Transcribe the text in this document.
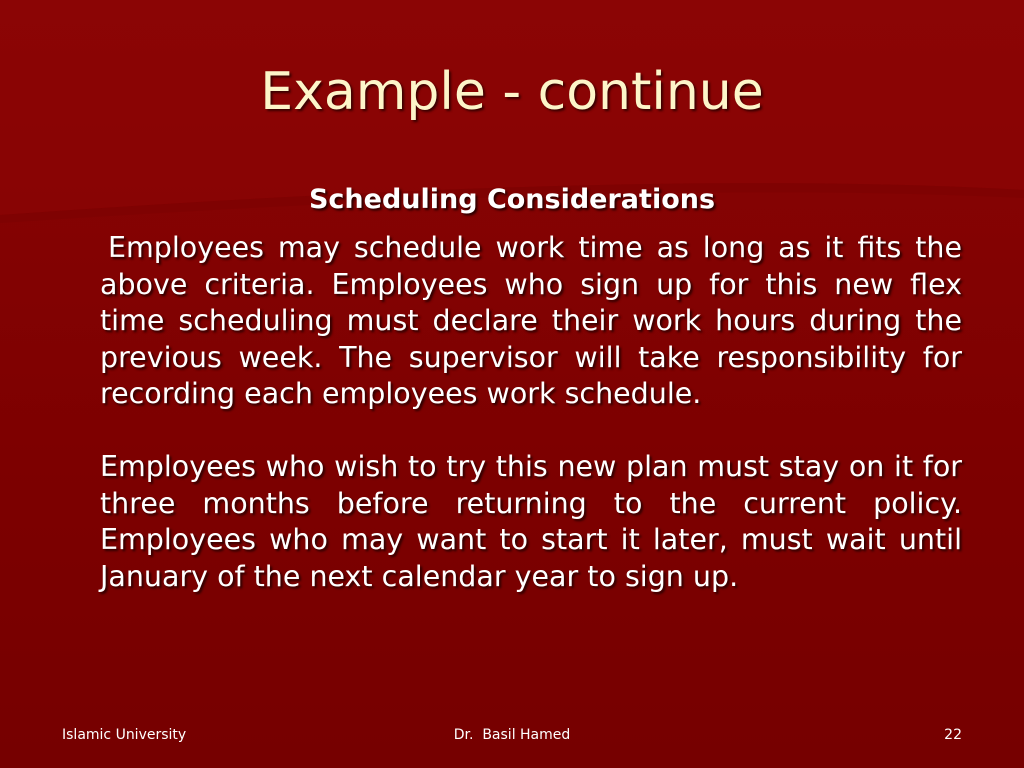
Example - continue
Scheduling Considerations

Employees may schedule work time as long as it fits the above criteria. Employees who sign up for this new flex time scheduling must declare their work hours during the previous week. The supervisor will take responsibility for recording each employees work schedule.

Employees who wish to try this new plan must stay on it for three months before returning to the current policy. Employees who may want to start it later, must wait until January of the next calendar year to sign up.

Islamic University	Dr.  Basil Hamed	22
